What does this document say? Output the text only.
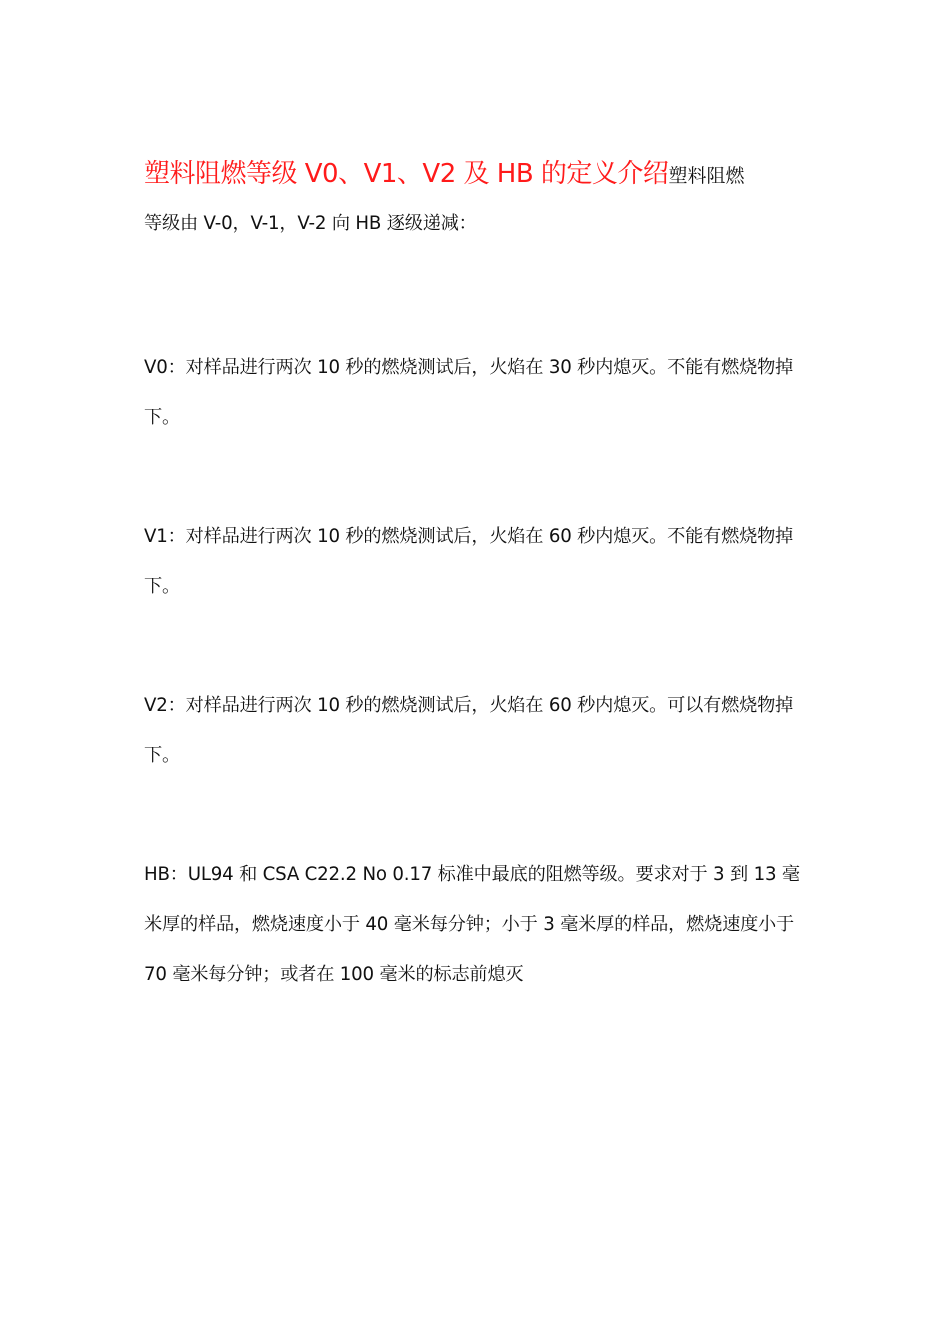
塑料阻燃等级 V0、V1、V2 及 HB 的定义介绍塑料阻燃

等级由 V-0，V-1，V-2 向 HB 逐级递减：

V0：对样品进行两次 10 秒的燃烧测试后，火焰在 30 秒内熄灭。不能有燃烧物掉下。

V1：对样品进行两次 10 秒的燃烧测试后，火焰在 60 秒内熄灭。不能有燃烧物掉下。

V2：对样品进行两次 10 秒的燃烧测试后，火焰在 60 秒内熄灭。可以有燃烧物掉下。

HB：UL94 和 CSA C22.2 No 0.17 标准中最底的阻燃等级。要求对于 3 到 13 毫米厚的样品，燃烧速度小于 40 毫米每分钟；小于 3 毫米厚的样品，燃烧速度小于 70 毫米每分钟；或者在 100 毫米的标志前熄灭
